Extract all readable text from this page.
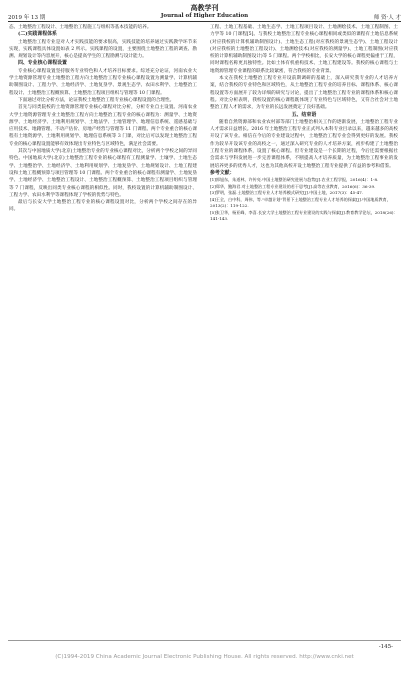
高教学刊
2019 年 13 期	Journal of Higher Education	师 资·人 才

态、土地整治工程设计、土地整治工程施工与组织等基本技能的培养。

(二)实践课程体系

土地整治工程专业是对人才实践技能的要求很高，实践技能的培养通过实践教学环节来实现，实践课程具体设置如表 2 所示。实践课程的设置，主要围绕土地整治工程的调查、勘测、规划设计等内容展开，核心是提高学生的工程勘测与设计能力。

四、专业核心课程设置

专业核心课程设置坚持服务专业特色和人才培养目标要求。综述充分论证，河南农业大学土地资源管理专业土地整治工程方向土地整治工程专业核心课程设置为测量学、计算机辅助制图设计、工程力学、土地经济学、土地复垦学、景观生态学、农田水利学、土地整治工程设计、土地整治工程概预算、土地整治工程项目组织与管理等 10 门课程。

下面通过对比分析方法，论证我校土地整治工程专业核心课程设置的合理性。

首先与同类院校的土地资源管理专业核心课程对比分析，分析专业自主设置。河南农业大学土地资源管理专业土地整治工程方向土地整治工程专业的核心课程为：测量学、土地资源学、土地经济学、土地利用规划学、土地法学、土地管理学、地理信息系统、遥感基础与应用技术、地籍管理、不动产估价、房地产经营与管理等 11 门课程。两个专业重合的核心课程有土地资源学、土地利用规划学、地理信息系统等 3 门课，对比后可以发现土地整治工程专业的核心课程设置能够有效体现出专业特色与区域特色，满足社会需要。

其次与中国地质大学(北京)土地整治专业的专业核心课程对比，分析两个学校之间的异同特色。中国地质大学(北京)土地整治工程专业的核心课程有工程测量学、土壤学、土地生态学、土地整治学、土地经济学、土地利用规划学、土地复垦学、土地规划设计、土地工程建设和土地工程概预算与项目管理等 10 门课程。两个专业重合的核心课程有测量学、土地复垦学、土地经济学、土地整治工程设计、土地整治工程概预算、土地整治工程项目组织与管理等 7 门课程，反映出同类专业核心课程的相似性。同时，我校设置的计算机辅助制图设计、工程力学、农田水利学等课程体现了学校的优势与特色。

最后与长安大学土地整治工程专业的核心课程设置对比，分析两个学校之间存在的异同。

工程、土地工程基础、土地生态学、土地工程项目设计、土地测绘技术、土地工程制图、土力学等 10 门课程[5]。与我校土地整治工程专业核心课程相同或类似的课程有土地信息系统(对应我校的计算机辅助制图设计)、土地生态工程(对应我校的景观生态学)、土地工程设计(对应我校的土地整治工程设计)、土地测绘技术(对应我校的测量学)、土地工程制图(对应我校的计算机辅助制图设计)等 5 门课程。两个学校相比，长安大学的核心课程更偏重于工程，同时课程名称更具独特性。比如土体有机重构技术、土地工程建设等。我校的核心课程与土地资源管理专业课程的联系比较紧密，符合我校的专业背景。

本文在我校土地整治工程专业开设前期调研的基础上，深入研究我专业的人才培养方案，结合我校的专业特色和区域特色，从土地整治工程专业的培养目标、课程体系、核心课程设置等方面展开了较为详细的研究与讨论，提出了土地整治工程专业的课程体系和核心课程。对比分析表明，我校设置的核心课程既体现了专业特色与区域特色，又符合社会对土地整治工程人才的需求，为专业的长远发展奠定了良好基础。

五、结束语

随着自然资源部和农业农村部等部门土地整治相关工作的逐渐发展，土地整治工程专业人才需求日益增长。2016 年土地整治工程专业正式列入本科专业目录以来，越来越多的高校开设了该专业。相信在今后的专业建设过程中，土地整治工程专业会得到更好的发展。我校作为较早开设该专业的高校之一，通过深入研究专业的人才培养方案，初步构建了土地整治工程专业的课程体系，设置了核心课程。但专业建设是一个长期的过程，今后还需要根据社会需求与学科发展进一步完善课程体系，不断提高人才培养质量，为土地整治工程事业的发展培养更多的优秀人才，这也为其他高校开设土地整治工程专业提供了有益的参考和借鉴。

参考文献：
[1]郭旭东，朱道林，许传亮.中国土地整治研究进展与趋势[J].农业工程学报，2016(4)：1-8.
[2]郑华，鲍海君.对土地整治工程专业建设的若干思考[J].高等农业教育，2016(6)：36-39.
[3]罗明，张磊.土地整治工程专业人才培养模式研究[J].中国土地，2017(3)：45-47.
[4]王全，白中科，周伟，等."卓越计划"背景下土地整治工程专业人才培养的探索[J].中国地质教育，2013(2)：119-122.
[5]张卫华，杨亚峰，李喜.长安大学土地整治工程专业建设的实践与探索[J].教育教学论坛，2018(26)：141-143.
-145-
(C)1994-2019 China Academic Journal Electronic Publishing House. All rights reserved. http://www.cnki.net
